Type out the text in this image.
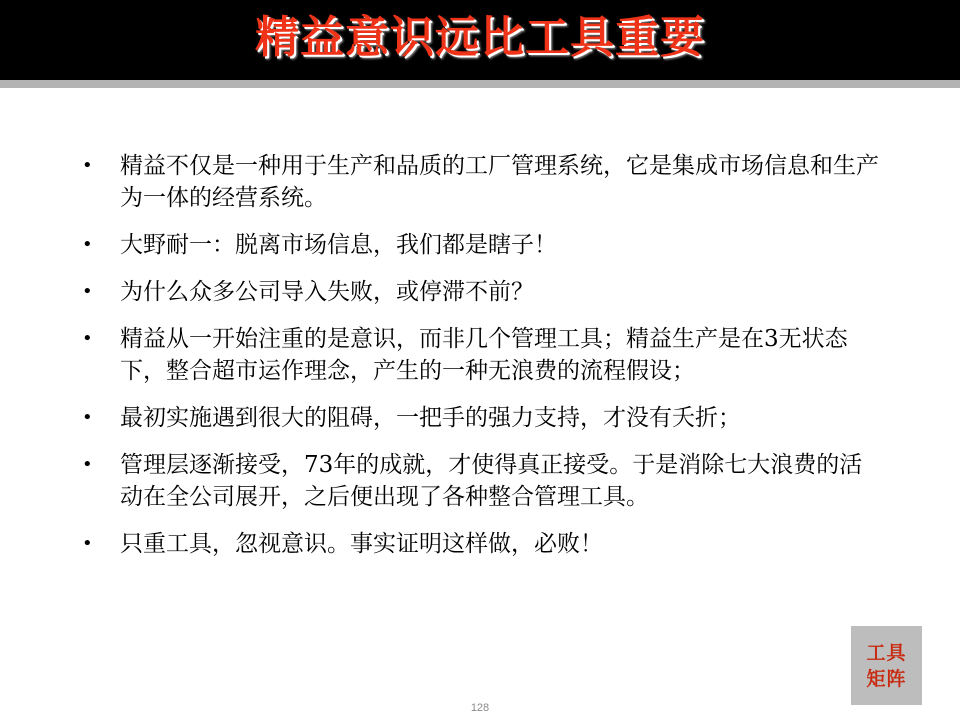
精益意识远比工具重要
• 精益不仅是一种用于生产和品质的工厂管理系统，它是集成市场信息和生产为一体的经营系统。
• 大野耐一：脱离市场信息，我们都是瞎子！
• 为什么众多公司导入失败，或停滞不前？
• 精益从一开始注重的是意识，而非几个管理工具；精益生产是在3无状态下，整合超市运作理念，产生的一种无浪费的流程假设；
• 最初实施遇到很大的阻碍，一把手的强力支持，才没有夭折；
• 管理层逐渐接受，73年的成就，才使得真正接受。于是消除七大浪费的活动在全公司展开，之后便出现了各种整合管理工具。
• 只重工具，忽视意识。事实证明这样做，必败！
工具
矩阵
128
